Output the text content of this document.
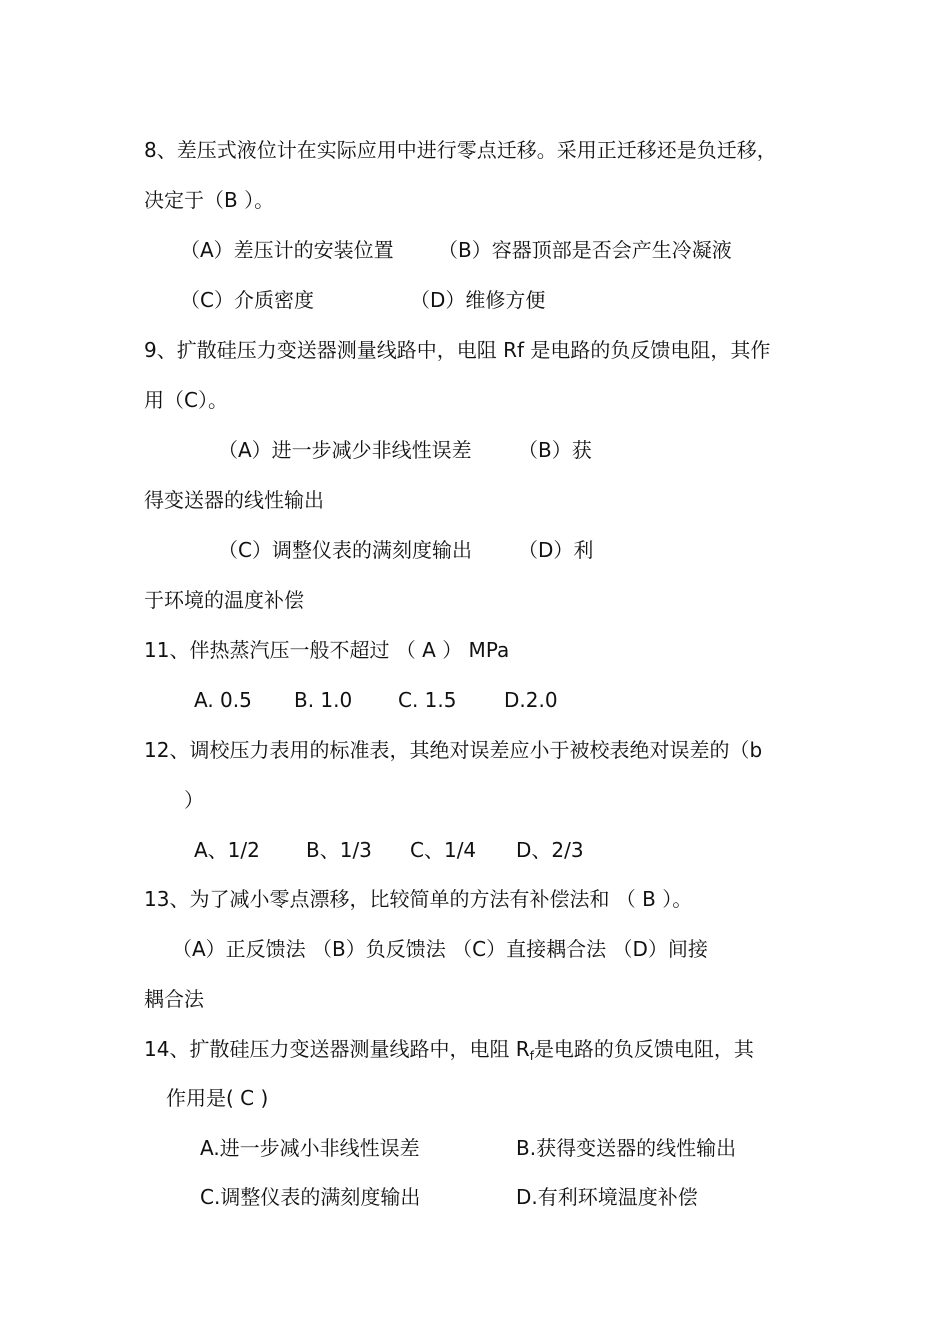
8、差压式液位计在实际应用中进行零点迁移。采用正迁移还是负迁移，
决定于（B ）。
（A）差压计的安装位置 （B）容器顶部是否会产生冷凝液
（C）介质密度	（D）维修方便
9、扩散硅压力变送器测量线路中，电阻 Rf 是电路的负反馈电阻，其作
用（C）。
（A）进一步减少非线性误差 （B）获
得变送器的线性输出
（C）调整仪表的满刻度输出 （D）利
于环境的温度补偿
11、伴热蒸汽压一般不超过 （ A ） MPa
A. 0.5 B. 1.0 C. 1.5 D.2.0
12、调校压力表用的标准表，其绝对误差应小于被校表绝对误差的（b
）
A、1/2 B、1/3 C、1/4 D、2/3
13、为了减小零点漂移，比较简单的方法有补偿法和 （ B ）。
（A）正反馈法 （B）负反馈法 （C）直接耦合法 （D）间接
耦合法
14、扩散硅压力变送器测量线路中，电阻 $R_f$是电路的负反馈电阻，其
作用是( C )
A.进一步减小非线性误差	B.获得变送器的线性输出
C.调整仪表的满刻度输出	D.有利环境温度补偿
